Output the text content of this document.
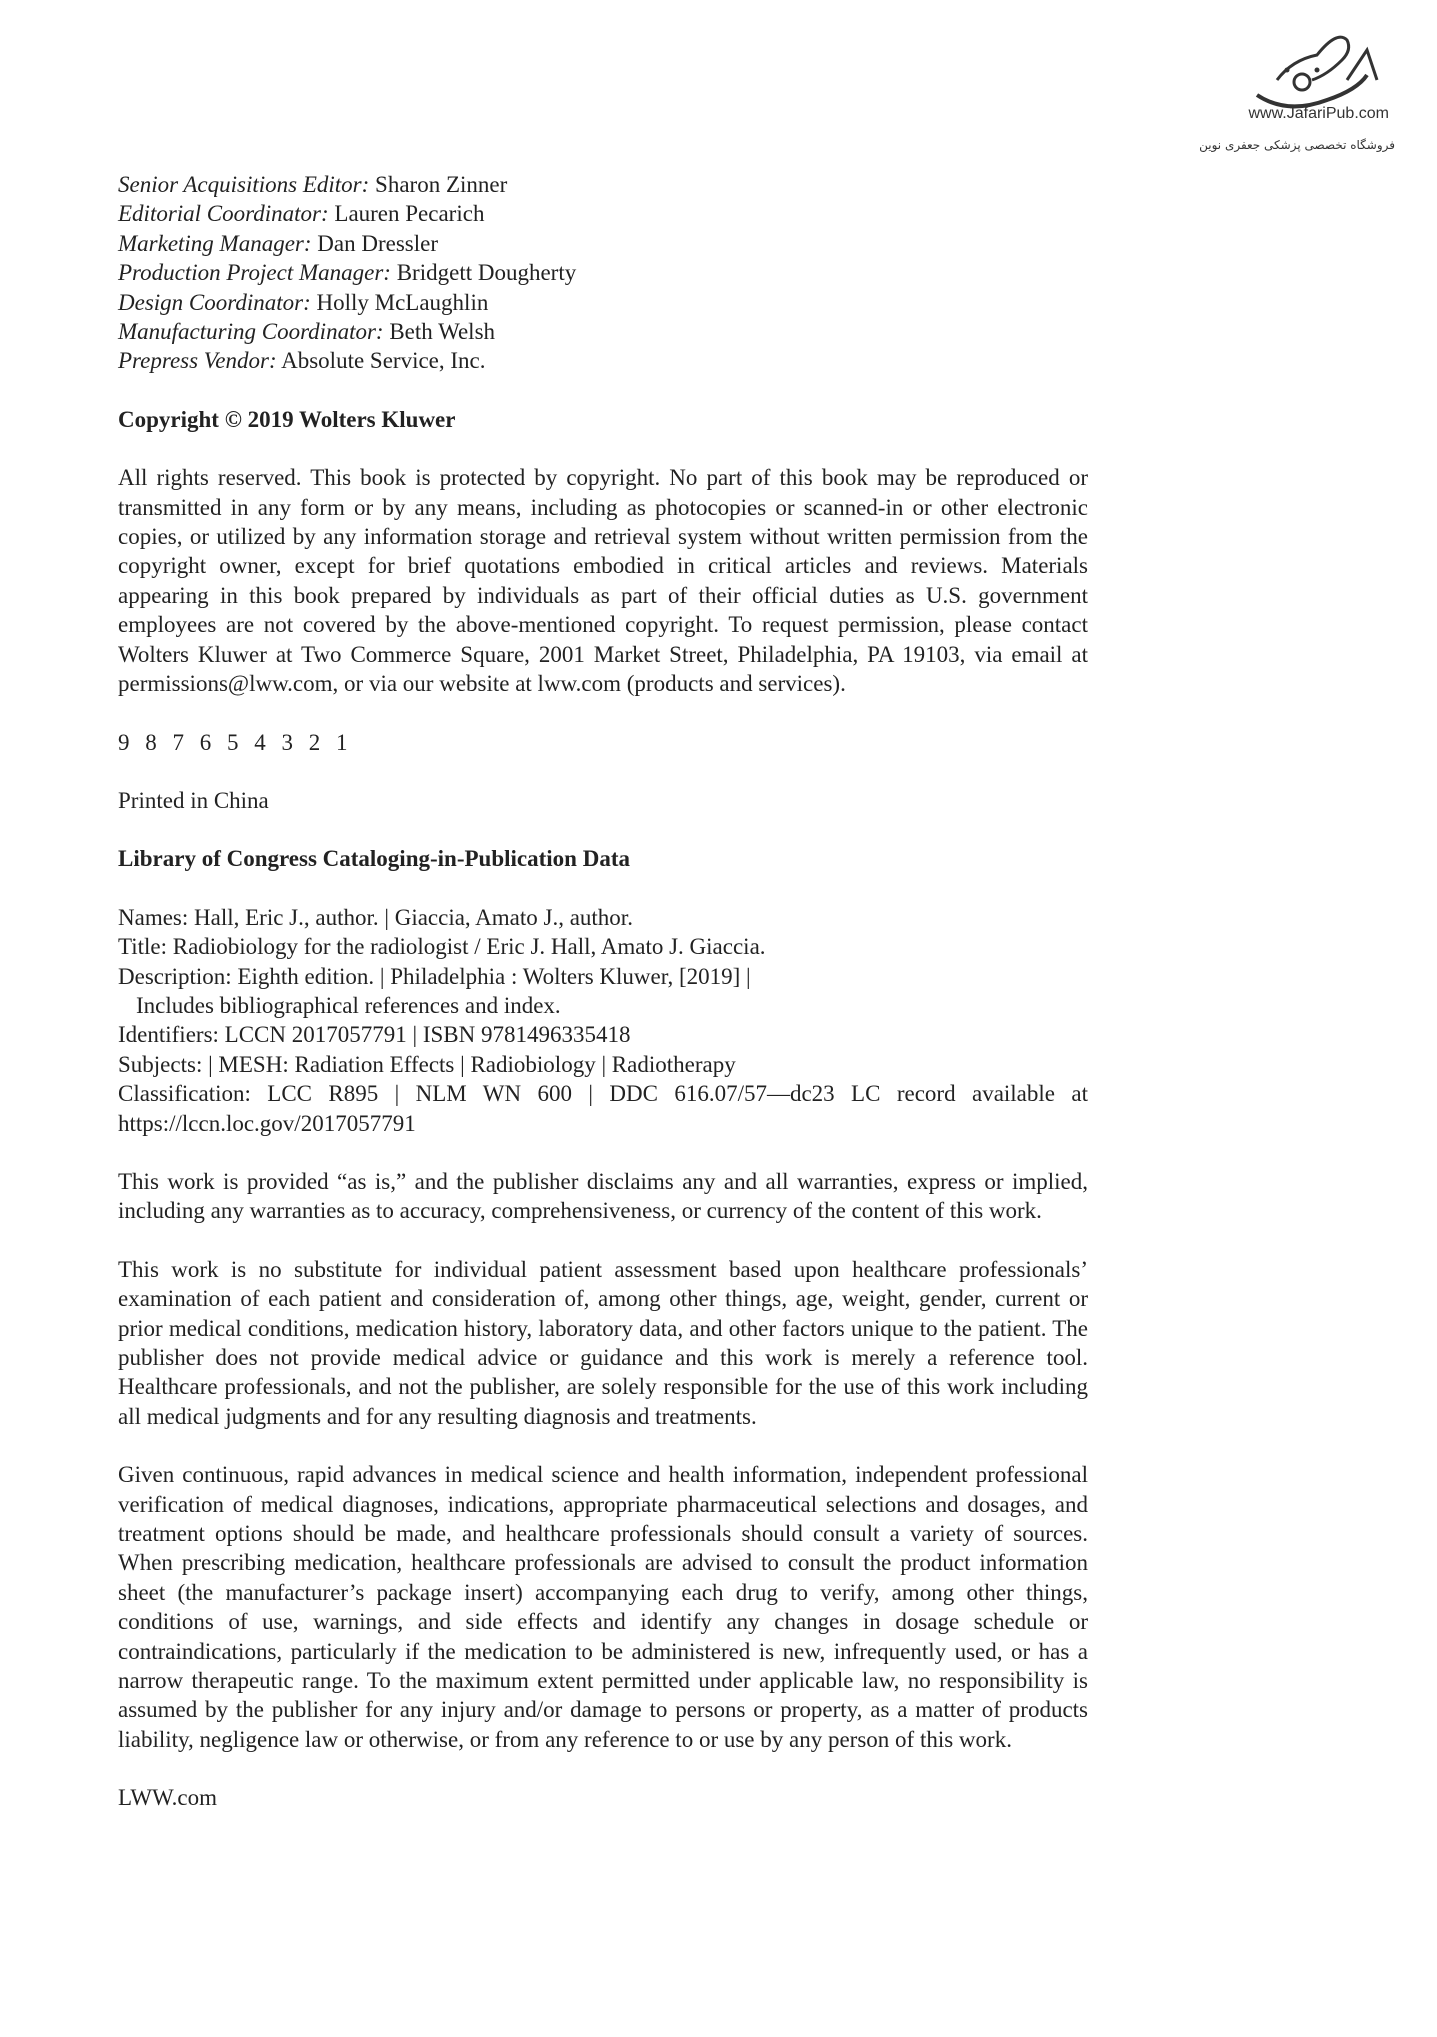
www.JafariPub.com
فروشگاه تخصصی پزشکی جعفری نوین
Senior Acquisitions Editor: Sharon Zinner
Editorial Coordinator: Lauren Pecarich
Marketing Manager: Dan Dressler
Production Project Manager: Bridgett Dougherty
Design Coordinator: Holly McLaughlin
Manufacturing Coordinator: Beth Welsh
Prepress Vendor: Absolute Service, Inc.
Copyright © 2019 Wolters Kluwer

All rights reserved. This book is protected by copyright. No part of this book may be reproduced or transmitted in any form or by any means, including as photocopies or scanned-in or other electronic copies, or utilized by any information storage and retrieval system without written permission from the copyright owner, except for brief quotations embodied in critical articles and reviews. Materials appearing in this book prepared by individuals as part of their official duties as U.S. government employees are not covered by the above-mentioned copyright. To request permission, please contact Wolters Kluwer at Two Commerce Square, 2001 Market Street, Philadelphia, PA 19103, via email at permissions@lww.com, or via our website at lww.com (products and services).

9 8 7 6 5 4 3 2 1
Printed in China
Library of Congress Cataloging-in-Publication Data
Names: Hall, Eric J., author. | Giaccia, Amato J., author.
Title: Radiobiology for the radiologist / Eric J. Hall, Amato J. Giaccia.
Description: Eighth edition. | Philadelphia : Wolters Kluwer, [2019] |
Includes bibliographical references and index.
Identifiers: LCCN 2017057791 | ISBN 9781496335418
Subjects: | MESH: Radiation Effects | Radiobiology | Radiotherapy
Classification: LCC R895 | NLM WN 600 | DDC 616.07/57—dc23 LC record available at
https://lccn.loc.gov/2017057791

This work is provided “as is,” and the publisher disclaims any and all warranties, express or implied, including any warranties as to accuracy, comprehensiveness, or currency of the content of this work.

This work is no substitute for individual patient assessment based upon healthcare professionals’ examination of each patient and consideration of, among other things, age, weight, gender, current or prior medical conditions, medication history, laboratory data, and other factors unique to the patient. The publisher does not provide medical advice or guidance and this work is merely a reference tool. Healthcare professionals, and not the publisher, are solely responsible for the use of this work including all medical judgments and for any resulting diagnosis and treatments.

Given continuous, rapid advances in medical science and health information, independent professional verification of medical diagnoses, indications, appropriate pharmaceutical selections and dosages, and treatment options should be made, and healthcare professionals should consult a variety of sources. When prescribing medication, healthcare professionals are advised to consult the product information sheet (the manufacturer’s package insert) accompanying each drug to verify, among other things, conditions of use, warnings, and side effects and identify any changes in dosage schedule or contraindications, particularly if the medication to be administered is new, infrequently used, or has a narrow therapeutic range. To the maximum extent permitted under applicable law, no responsibility is assumed by the publisher for any injury and/or damage to persons or property, as a matter of products liability, negligence law or otherwise, or from any reference to or use by any person of this work.

LWW.com
